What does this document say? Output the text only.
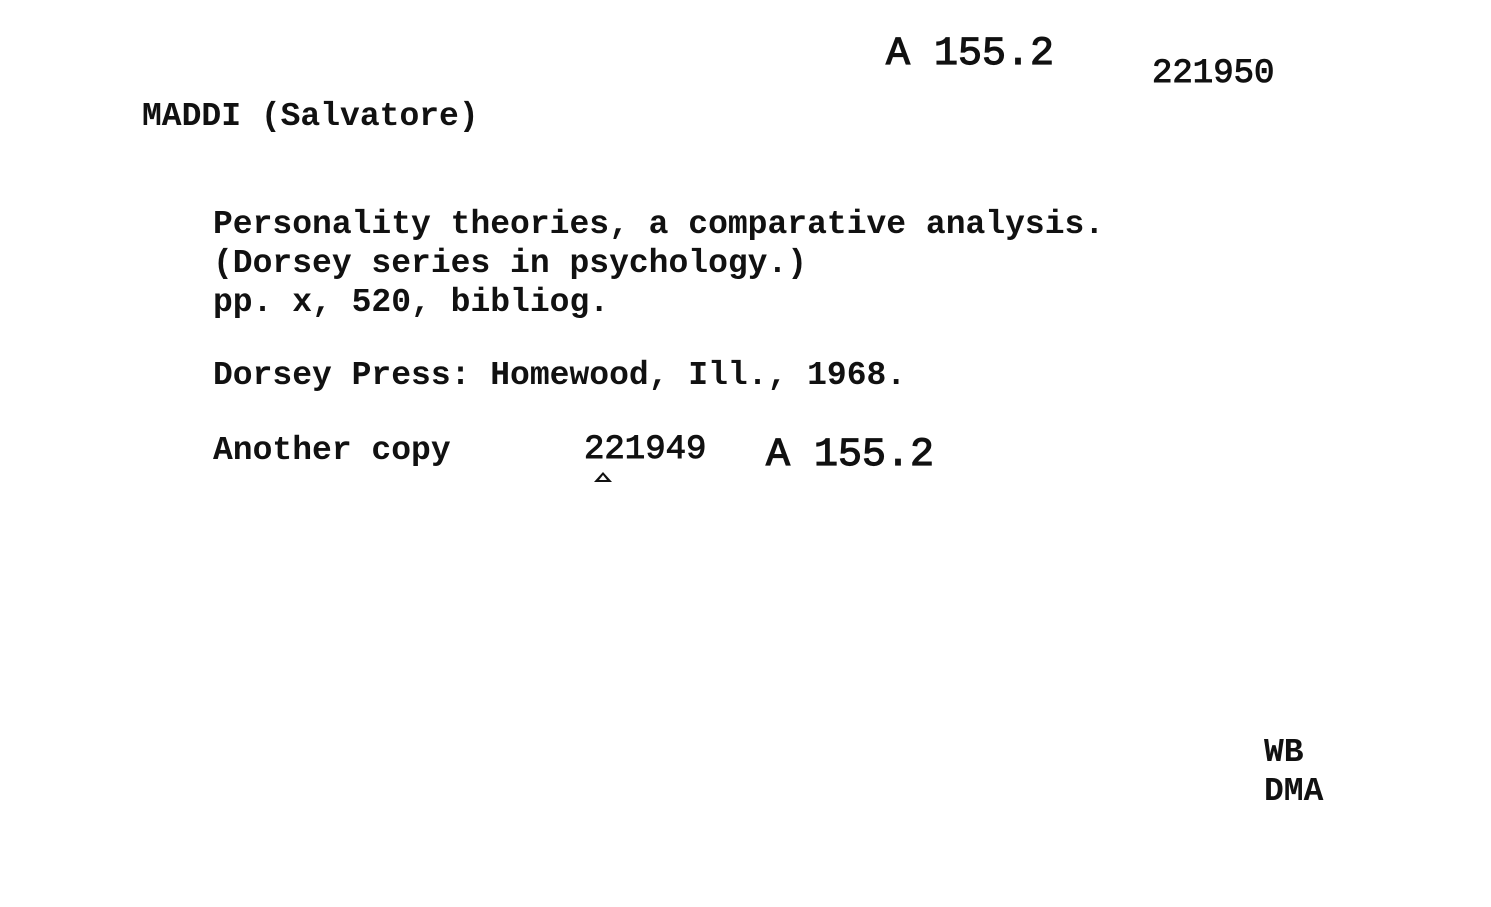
A 155.2	221950
MADDI (Salvatore)
Personality theories, a comparative analysis.
(Dorsey series in psychology.)
pp. x, 520, bibliog.
Dorsey Press: Homewood, Ill., 1968.
Another copy	221949 A 155.2
WB
DMA
